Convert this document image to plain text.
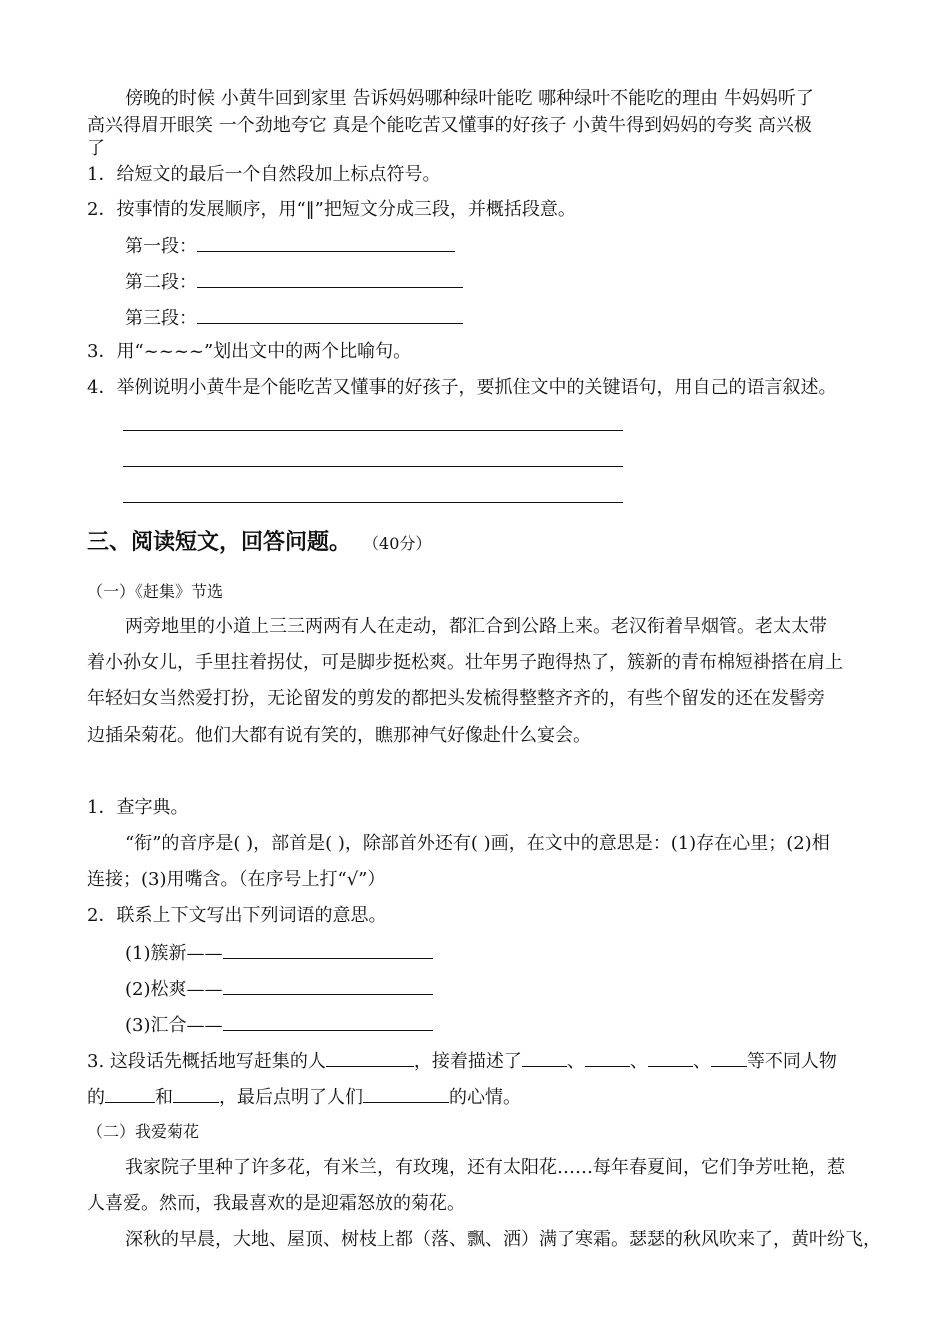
傍晚的时候 小黄牛回到家里 告诉妈妈哪种绿叶能吃 哪种绿叶不能吃的理由 牛妈妈听了
高兴得眉开眼笑 一个劲地夸它 真是个能吃苦又懂事的好孩子 小黄牛得到妈妈的夸奖 高兴极
了
1．给短文的最后一个自然段加上标点符号。
2．按事情的发展顺序，用“‖”把短文分成三段，并概括段意。
第一段：
第二段：
第三段：
3．用“~~~~”划出文中的两个比喻句。
4．举例说明小黄牛是个能吃苦又懂事的好孩子，要抓住文中的关键语句，用自己的语言叙述。
三、阅读短文，回答问题。 （40分）
（一）《赶集》节选
两旁地里的小道上三三两两有人在走动，都汇合到公路上来。老汉衔着旱烟管。老太太带
着小孙女儿，手里拄着拐仗，可是脚步挺松爽。壮年男子跑得热了，簇新的青布棉短褂搭在肩上
年轻妇女当然爱打扮，无论留发的剪发的都把头发梳得整整齐齐的，有些个留发的还在发髻旁
边插朵菊花。他们大都有说有笑的，瞧那神气好像赴什么宴会。
1．查字典。
“衔”的音序是( )，部首是( )，除部首外还有( )画，在文中的意思是：(1)存在心里；(2)相
连接；(3)用嘴含。（在序号上打“√”）
2．联系上下文写出下列词语的意思。
(1)簇新——
(2)松爽——
(3)汇合——
3. 这段话先概括地写赶集的人	，接着描述了	、	、	、 等不同人物
的	和	，最后点明了人们	的心情。
（二）我爱菊花
我家院子里种了许多花，有米兰，有玫瑰，还有太阳花……每年春夏间，它们争芳吐艳，惹
人喜爱。然而，我最喜欢的是迎霜怒放的菊花。
深秋的早晨，大地、屋顶、树枝上都（落、飘、洒）满了寒霜。瑟瑟的秋风吹来了，黄叶纷飞，
